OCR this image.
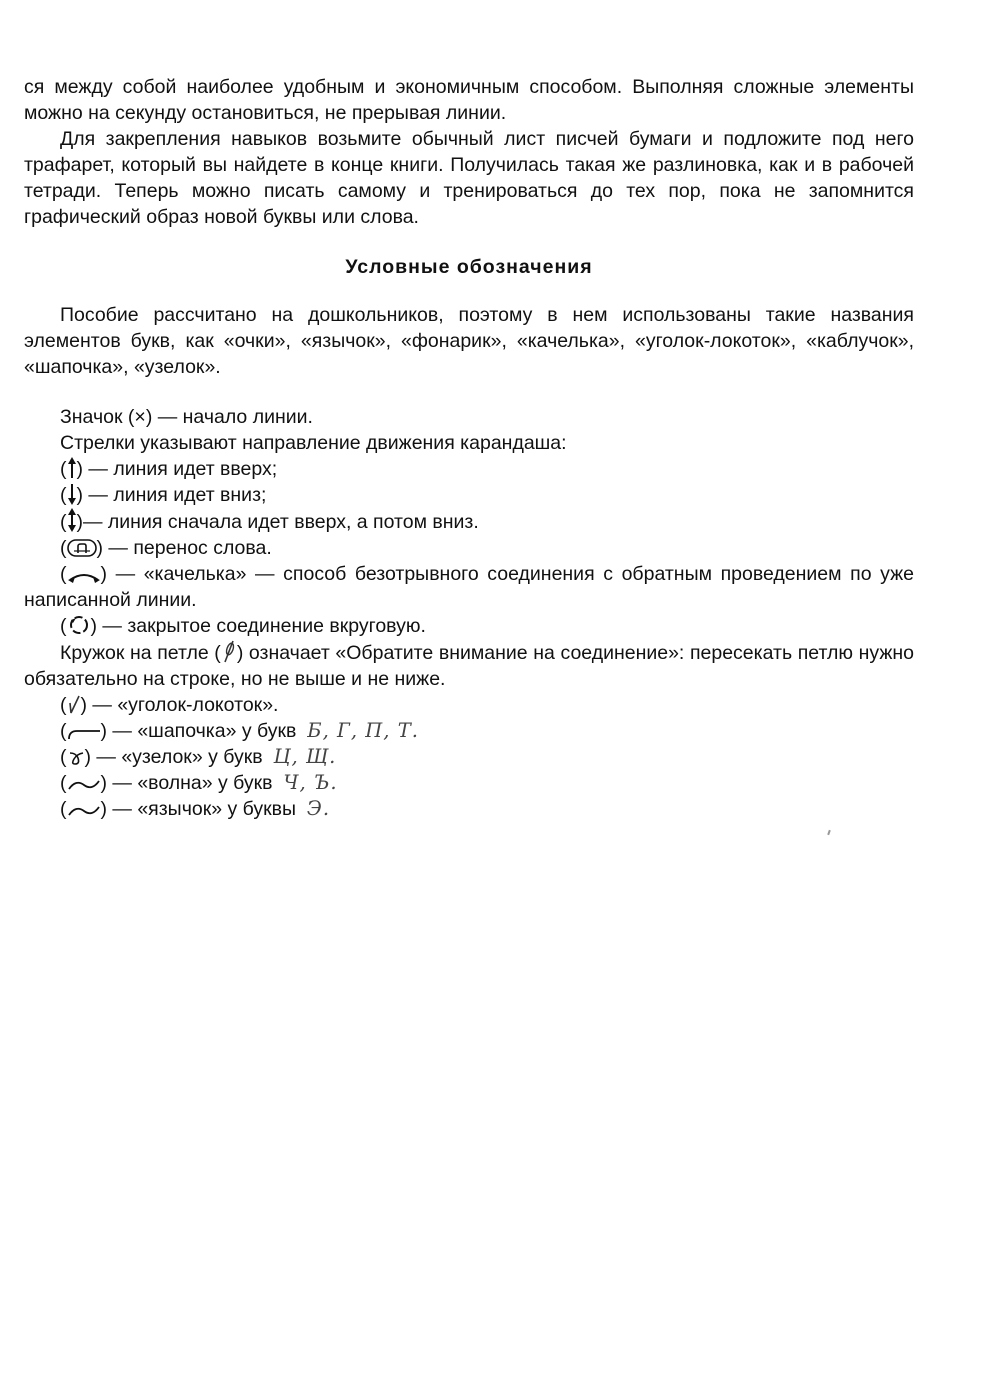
ся между собой наиболее удобным и экономичным способом. Выполняя сложные элементы можно на секунду остановиться, не прерывая линии.

Для закрепления навыков возьмите обычный лист писчей бумаги и подложите под него трафарет, который вы найдете в конце книги. Получилась такая же разлиновка, как и в рабочей тетради. Теперь можно писать самому и тренироваться до тех пор, пока не запомнится графический образ новой буквы или слова.

Условные обозначения

Пособие рассчитано на дошкольников, поэтому в нем использованы такие названия элементов букв, как «очки», «язычок», «фонарик», «качелька», «уголок-локоток», «каблучок», «шапочка», «узелок».

Значок (×) — начало линии.

Стрелки указывают направление движения карандаша:

( ) — линия идет вверх;

( ) — линия идет вниз;

( )— линия сначала идет вверх, а потом вниз.

( ) — перенос слова.

( ) — «качелька» — способ безотрывного соединения с обратным проведением по уже написанной линии.

( ) — закрытое соединение вкруговую.

Кружок на петле ( ) означает «Обратите внимание на соединение»: пересекать петлю нужно обязательно на строке, но не выше и не ниже.

( ) — «уголок-локоток».

( ) — «шапочка» у букв Б, Г, П, Т.

( ) — «узелок» у букв Ц, Щ.

( ) — «волна» у букв Ч, Ъ.

( ) — «язычок» у буквы Э.
